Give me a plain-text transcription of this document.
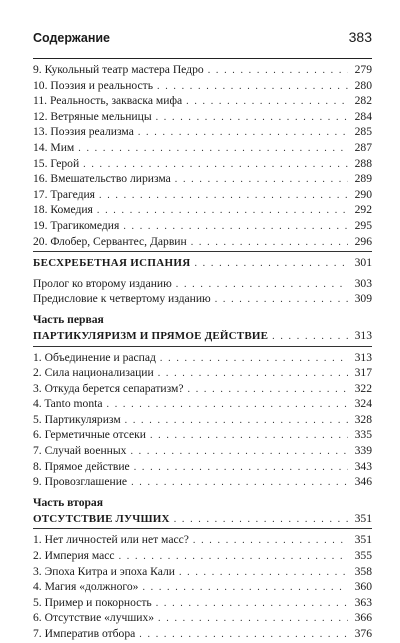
Содержание	383
9. Кукольный театр мастера Педро . . .	279
10. Поэзия и реальность . . .	280
11. Реальность, закваска мифа . . .	282
12. Ветряные мельницы . . .	284
13. Поэзия реализма . . .	285
14. Мим . . .	287
15. Герой . . .	288
16. Вмешательство лиризма . . .	289
17. Трагедия . . .	290
18. Комедия . . .	292
19. Трагикомедия . . .	295
20. Флобер, Сервантес, Дарвин . . .	296
БЕСХРЕБЕТНАЯ ИСПАНИЯ . . .	301
Пролог ко второму изданию . . .	303
Предисловие к четвертому изданию . . .	309
Часть первая
ПАРТИКУЛЯРИЗМ И ПРЯМОЕ ДЕЙСТВИЕ . . .	313
1. Объединение и распад . . .	313
2. Сила национализации . . .	317
3. Откуда берется сепаратизм? . . .	322
4. Tanto monta . . .	324
5. Партикуляризм . . .	328
6. Герметичные отсеки . . .	335
7. Случай военных . . .	339
8. Прямое действие . . .	343
9. Провозглашение . . .	346
Часть вторая
ОТСУТСТВИЕ ЛУЧШИХ . . .	351
1. Нет личностей или нет масс? . . .	351
2. Империя масс . . .	355
3. Эпоха Китра и эпоха Кали . . .	358
4. Магия «должного» . . .	360
5. Пример и покорность . . .	363
6. Отсутствие «лучших» . . .	366
7. Императив отбора . . .	376
